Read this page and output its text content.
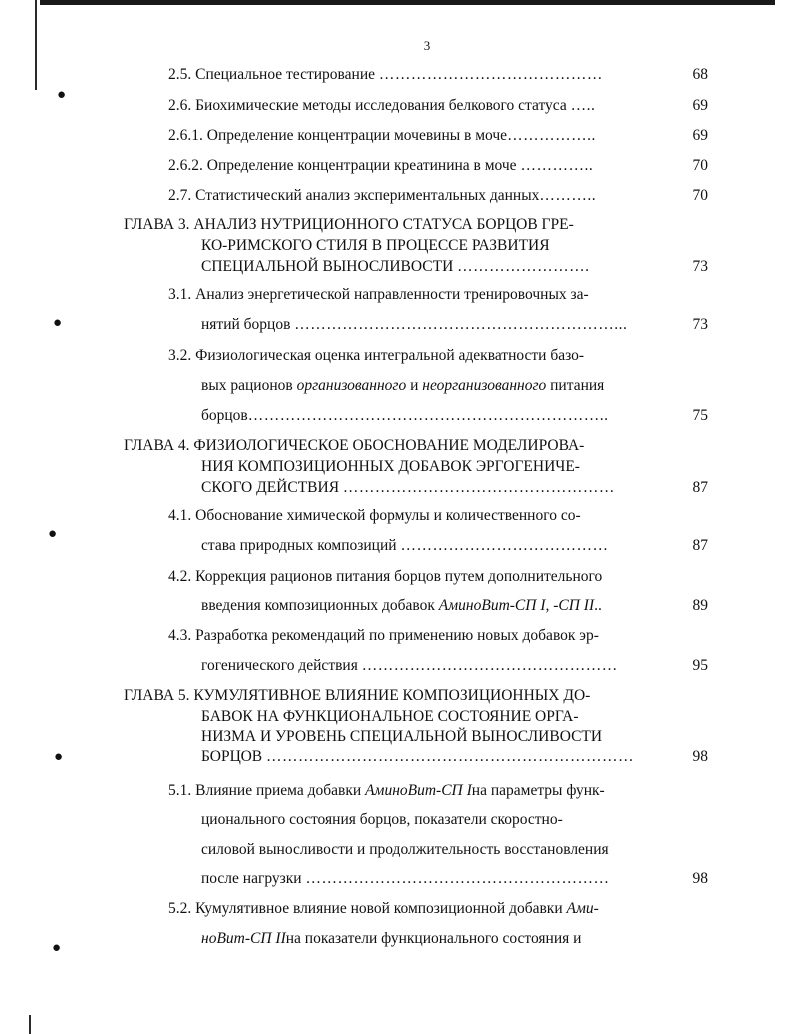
●
●
●
●
●
3
2.5. Специальное тестирование ……………………………………	68
2.6. Биохимические методы исследования белкового статуса …..	69
2.6.1. Определение концентрации мочевины в моче……………..	69
2.6.2. Определение концентрации креатинина в моче …………..	70
2.7. Статистический анализ экспериментальных данных………..	70
ГЛАВА 3. АНАЛИЗ НУТРИЦИОННОГО СТАТУСА БОРЦОВ ГРЕ-
КО-РИМСКОГО СТИЛЯ В ПРОЦЕССЕ РАЗВИТИЯ
СПЕЦИАЛЬНОЙ ВЫНОСЛИВОСТИ …………………….	73
3.1. Анализ энергетической направленности тренировочных за-
нятий борцов ……………………………………………………...	73
3.2. Физиологическая оценка интегральной адекватности базо-
вых рационов организованного и неорганизованного питания
борцов…………………………………………………………..	75
ГЛАВА 4. ФИЗИОЛОГИЧЕСКОЕ ОБОСНОВАНИЕ МОДЕЛИРОВА-
НИЯ КОМПОЗИЦИОННЫХ ДОБАВОК ЭРГОГЕНИЧЕ-
СКОГО ДЕЙСТВИЯ ……………………………………………	87
4.1. Обоснование химической формулы и количественного со-
става природных композиций …………………………………	87
4.2. Коррекция рационов питания борцов путем дополнительного
введения композиционных добавок АминоВит-СП I, -СП II..	89
4.3. Разработка рекомендаций по применению новых добавок эр-
гогенического действия …………………………………………	95
ГЛАВА 5. КУМУЛЯТИВНОЕ ВЛИЯНИЕ КОМПОЗИЦИОННЫХ ДО-
БАВОК НА ФУНКЦИОНАЛЬНОЕ СОСТОЯНИЕ ОРГА-
НИЗМА И УРОВЕНЬ СПЕЦИАЛЬНОЙ ВЫНОСЛИВОСТИ
БОРЦОВ ……………………………………………………………	98
5.1. Влияние приема добавки АминоВит-СП Iна параметры функ-
ционального состояния борцов, показатели скоростно-
силовой выносливости и продолжительность восстановления
после нагрузки …………………………………………………	98
5.2. Кумулятивное влияние новой композиционной добавки Ами-
ноВит-СП IIна показатели функционального состояния и
